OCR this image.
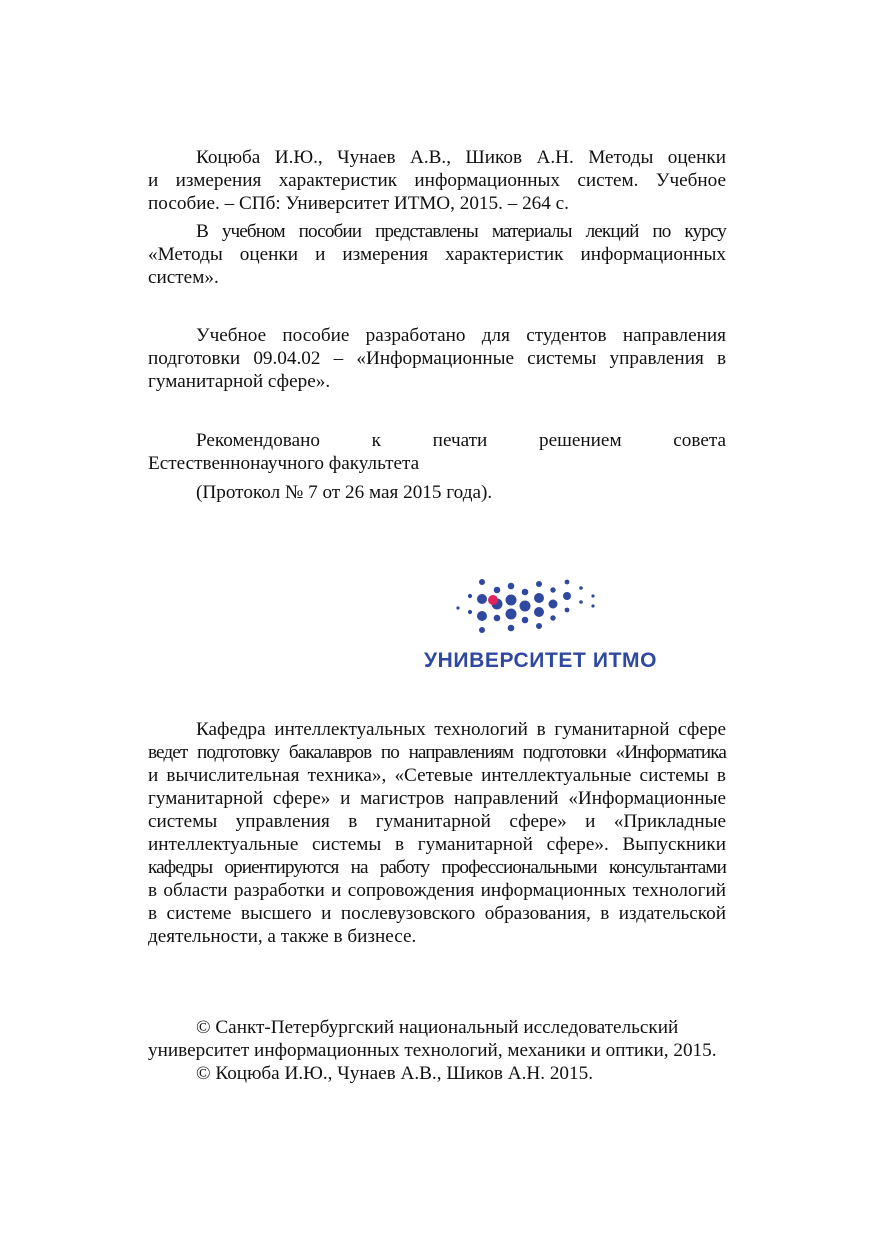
Коцюба И.Ю., Чунаев А.В., Шиков А.Н. Методы оценки

и измерения характеристик информационных систем. Учебное

пособие. – СПб: Университет ИТМО, 2015. – 264 с.

В учебном пособии представлены материалы лекций по курсу

«Методы оценки и измерения характеристик информационных

систем».

Учебное пособие разработано для студентов направления

подготовки 09.04.02 – «Информационные системы управления в

гуманитарной сфере».

Рекомендовано к печати решением совета

Естественнонаучного факультета

(Протокол № 7 от 26 мая 2015 года).

УНИВЕРСИТЕТ ИТМО

Кафедра интеллектуальных технологий в гуманитарной сфере

ведет подготовку бакалавров по направлениям подготовки «Информатика

и вычислительная техника», «Сетевые интеллектуальные системы в

гуманитарной сфере» и магистров направлений «Информационные

системы управления в гуманитарной сфере» и «Прикладные

интеллектуальные системы в гуманитарной сфере». Выпускники

кафедры ориентируются на работу профессиональными консультантами

в области разработки и сопровождения информационных технологий

в системе высшего и послевузовского образования, в издательской

деятельности, а также в бизнесе.

© Санкт-Петербургский национальный исследовательский

университет информационных технологий, механики и оптики, 2015.

© Коцюба И.Ю., Чунаев А.В., Шиков А.Н. 2015.
